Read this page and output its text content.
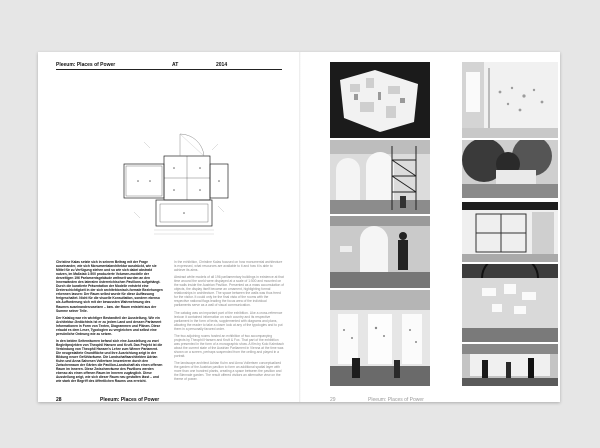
Pleeum: Places of Power	AT	2014

Christine Kalas setzte sich in seinem Beitrag mit der Frage auseinander, wie sich Monumentalarchitektur ausdrückt, wie sie Mittel für zu Verfügung stehen und so wie sich dabei abstrakt nutzen, im Maßstab 1:500 produzierte Volumen-modelle der derzeitigen 196 Parlamentsgebäude weltweit wurden an den Innenwänden des lateralen österreichischen Pavillons aufgehängt. Durch die kuratierte Präsentation der Modelle entsteht eine Dreierschichtigkeit in der sich architektonisch-formale Beziehungen erkennen lassen: Der Raum selbst wurde für diese Auffassung freigeschaltet. Nicht für die visuelle Konsultation, sondern ebenso als Aufforderung sich mit der bewussten Wahrnehmung des Raumes auseinanderzusetzen – bzw. der Raum entsteht aus der Summe seiner Teile.

Der Katalog war ein wichtiger Bestandteil der Ausstellung. Wie ein Architektur-Gedächtnis ist er zu jedem Land und dessen Parlament Informationen in Form von Texten, Diagrammen und Plänen. Diese erlaubt es dem Leser, Typologien zu vergleichen und selbst eine persönliche Ordnung wie zu setzen.

In den beiden Seitenräumen befand sich eine Ausstellung zu zwei Begleitprojekten von Theophil Hansen und Kruft. Das Projekt ist die Verbindung von Theophil Hansen's Lehre zum Wiener Parlament. Die neugestaltete Grundfläche und ihre Ausrichtung zeigt in der Bildung neuer Gefühlsräume. Die Landschaftsarchitekten Adrian Kuhn und Anna Salvesen Vollertsen inszenieren durch den Zwischenraum der Gärten die Pavillon-Landschaft als einen offenen Raum im Inneren. Diese Zwischenräume des Pavillons werden ebenso als einen offenen Raum im Inneren zugänglich. Diese Ausstellung zeigt, wie sich dieser Raum neu gestalten lässt – und wie stark der Begriff des öffentlichen Raums uns erreicht.

In the exhibition, Christine Kalas focused on how monumental architecture is expressed, what resources are available to it and how it is able to achieve its aims.

Abstract white models of all 196 parliamentary buildings in existence at that time around the world were displayed at a scale of 1:500 and mounted on the walls inside the Austrian Pavilion. Presented as a mass accumulation of objects, the display itself became an ornament, highlighting formal relationships in architecture. The space between the walls was thus freed for the visitor. It could only be the final vista of the rooms with the respective national flags leading the focus area of the individual parliaments serve as a wall of visual communication.

The catalog was an important part of the exhibition. Like a cross-reference lexicon it contained information on each country and its respective parliament in the form of texts, supplemented with diagrams and plans, allowing the reader to take a closer look at any of the typologies and to put them in a personally favored order.

The two adjoining rooms hosted an exhibition of two accompanying projects by Theophil Hansen and Kruft & Fox. That part of the exhibition was presented in the form of a monographic show. A film by Kolo Kalmbach about the current state of the Austrian Parliament in Vienna at the time was shown on a screen, perhaps suspended from the ceiling and played in a portrait.

The landscape architect Adrian Kuhn and Anna Vollertsen conceptualized the garden of the Austrian pavilion to form an additional spatial layer with more than one hundred plants, creating a space between the pavilion and the Biennale garden. The result offered visitors an alternative view on the theme of power.

28	Pleeum: Places of Power	29	Pleeum: Places of Power
